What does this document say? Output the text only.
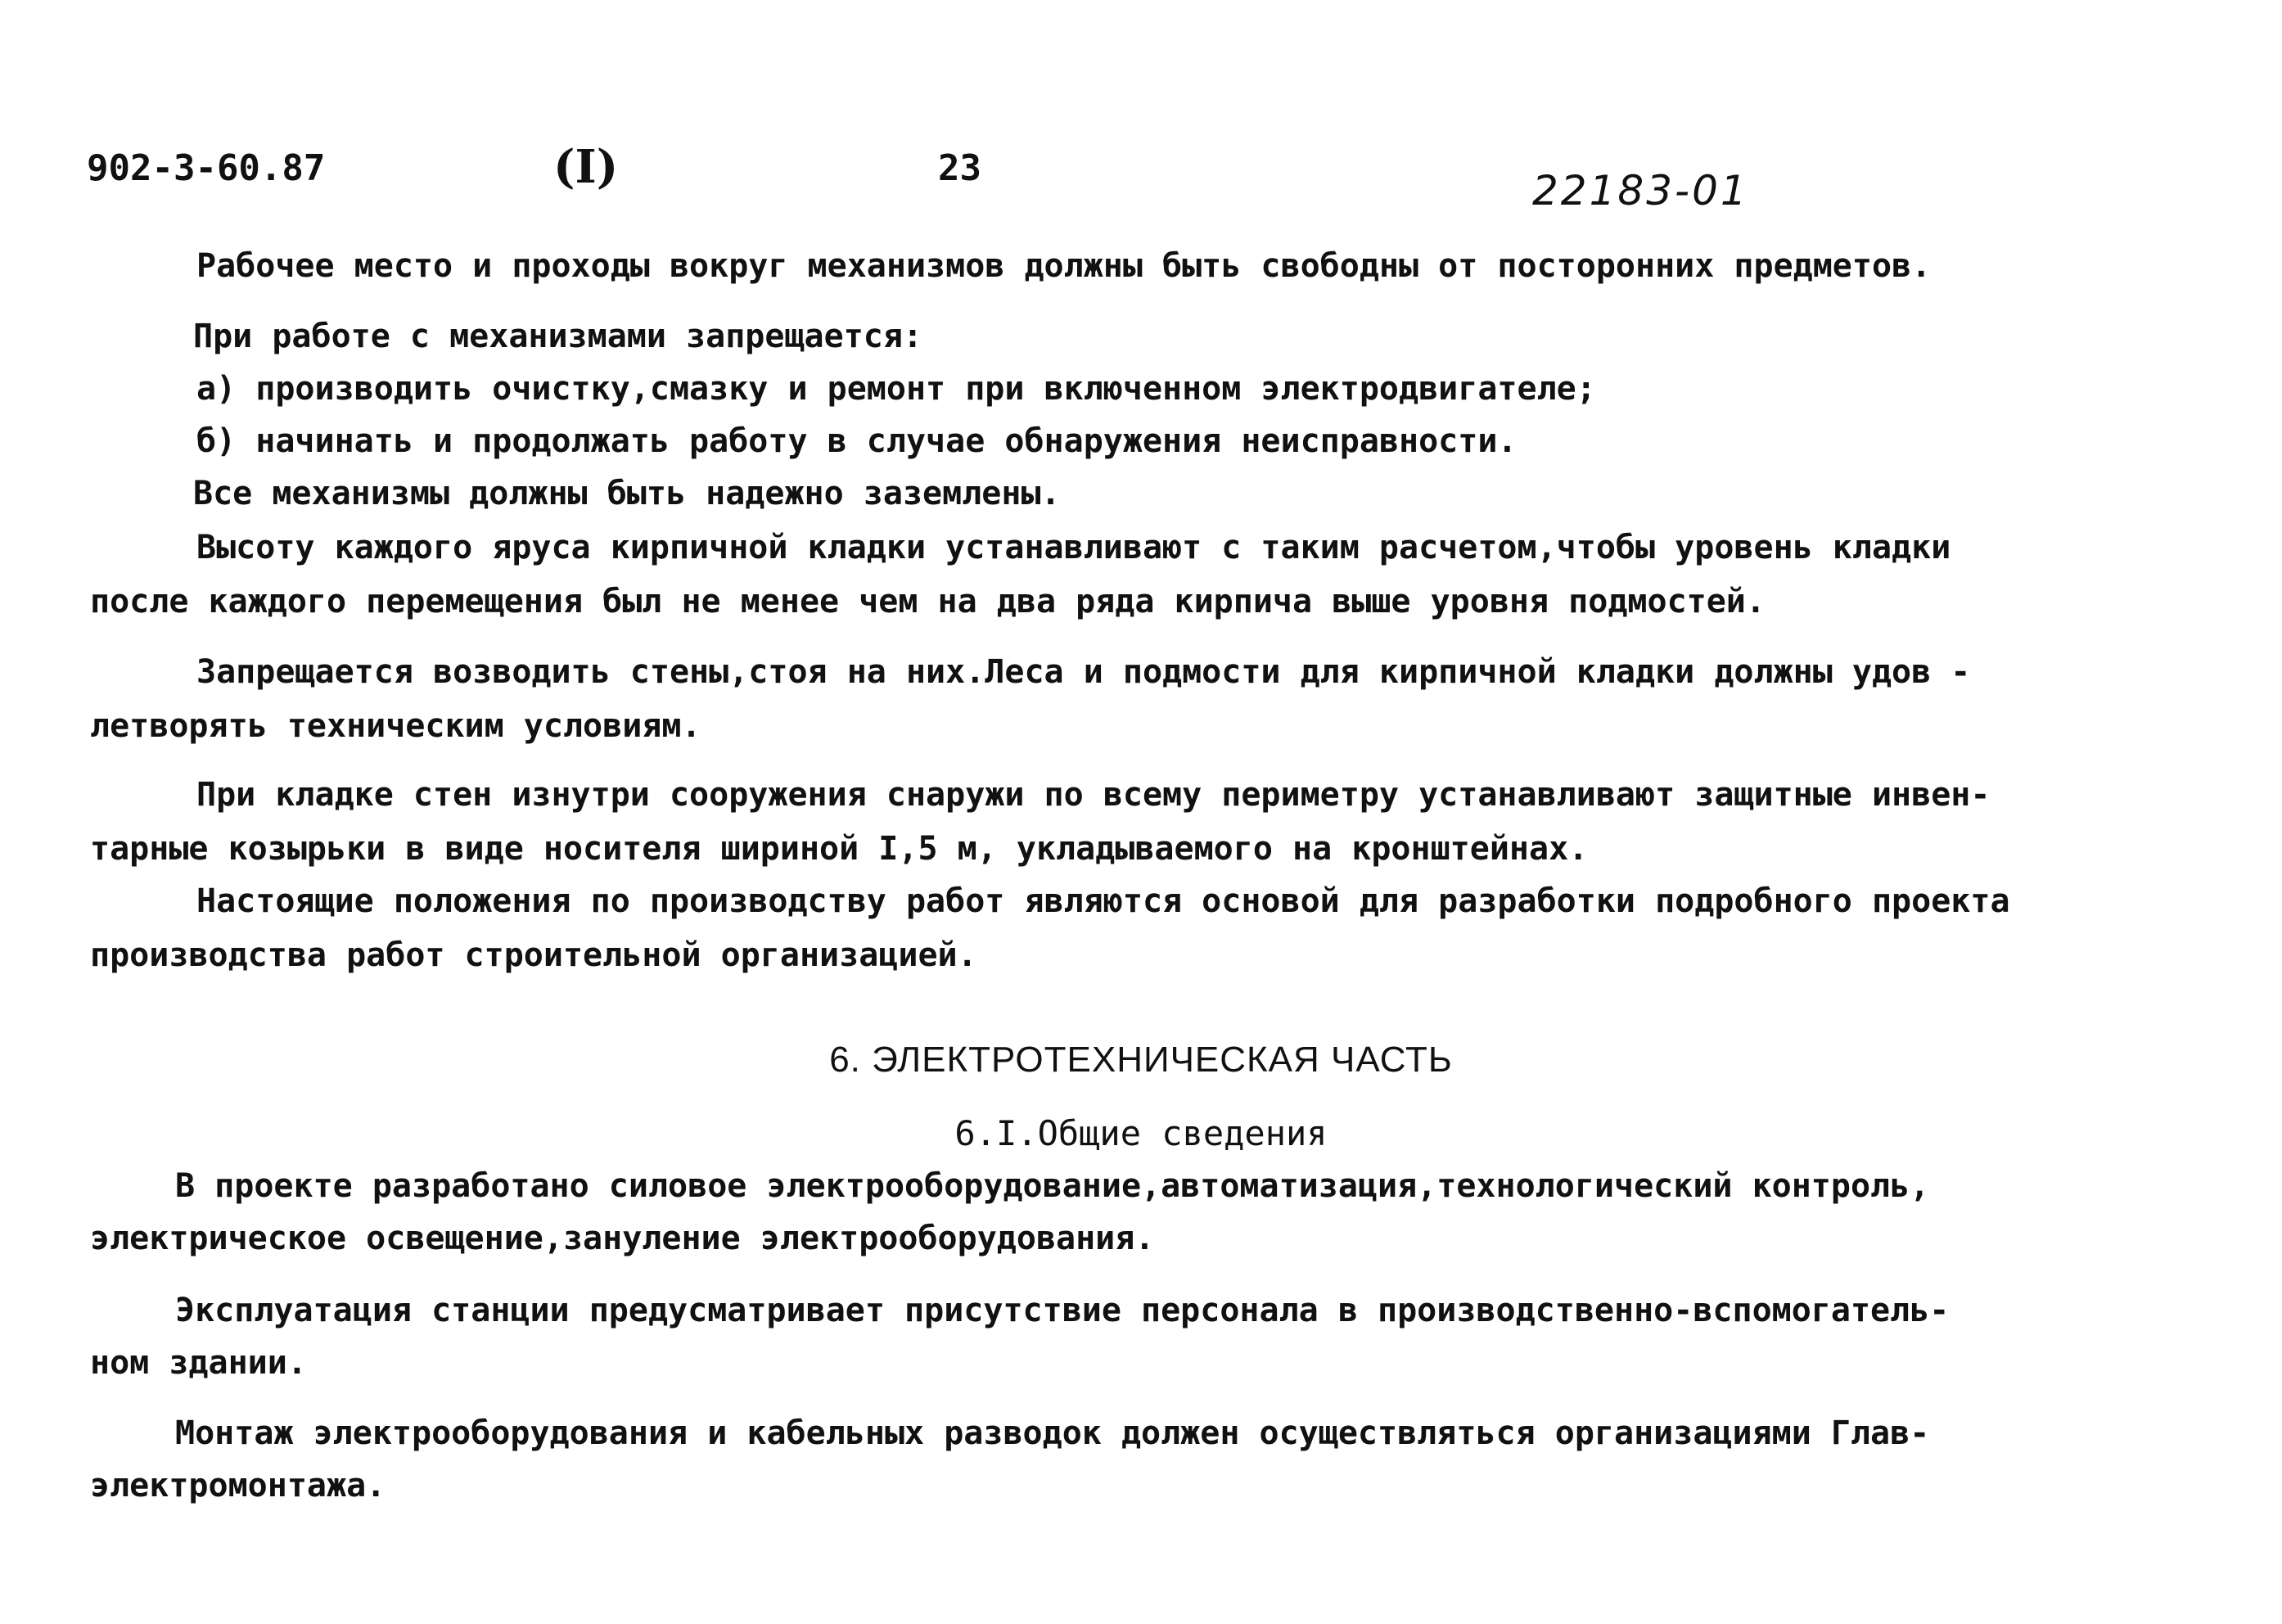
902-3-60.87	(I)	23	22183-01
Рабочее место и проходы вокруг механизмов должны быть свободны от посторонних предметов.
При работе с механизмами запрещается:
а) производить очистку,смазку и ремонт при включенном электродвигателе;
б) начинать и продолжать работу в случае обнаружения неисправности.
Все механизмы должны быть надежно заземлены.
Высоту каждого яруса кирпичной кладки устанавливают с таким расчетом,чтобы уровень кладки
после каждого перемещения был не менее чем на два ряда кирпича выше уровня подмостей.
Запрещается возводить стены,стоя на них.Леса и подмости для кирпичной кладки должны удов -
летворять техническим условиям.
При кладке стен изнутри сооружения снаружи по всему периметру устанавливают защитные инвен-
тарные козырьки в виде носителя шириной I,5 м, укладываемого на кронштейнах.
Настоящие положения по производству работ являются основой для разработки подробного проекта
производства работ строительной организацией.
6. ЭЛЕКТРОТЕХНИЧЕСКАЯ ЧАСТЬ
6.I.Общие сведения
В проекте разработано силовое электрооборудование,автоматизация,технологический контроль,
электрическое освещение,зануление электрооборудования.
Эксплуатация станции предусматривает присутствие персонала в производственно-вспомогатель-
ном здании.
Монтаж электрооборудования и кабельных разводок должен осуществляться организациями Глав-
электромонтажа.
